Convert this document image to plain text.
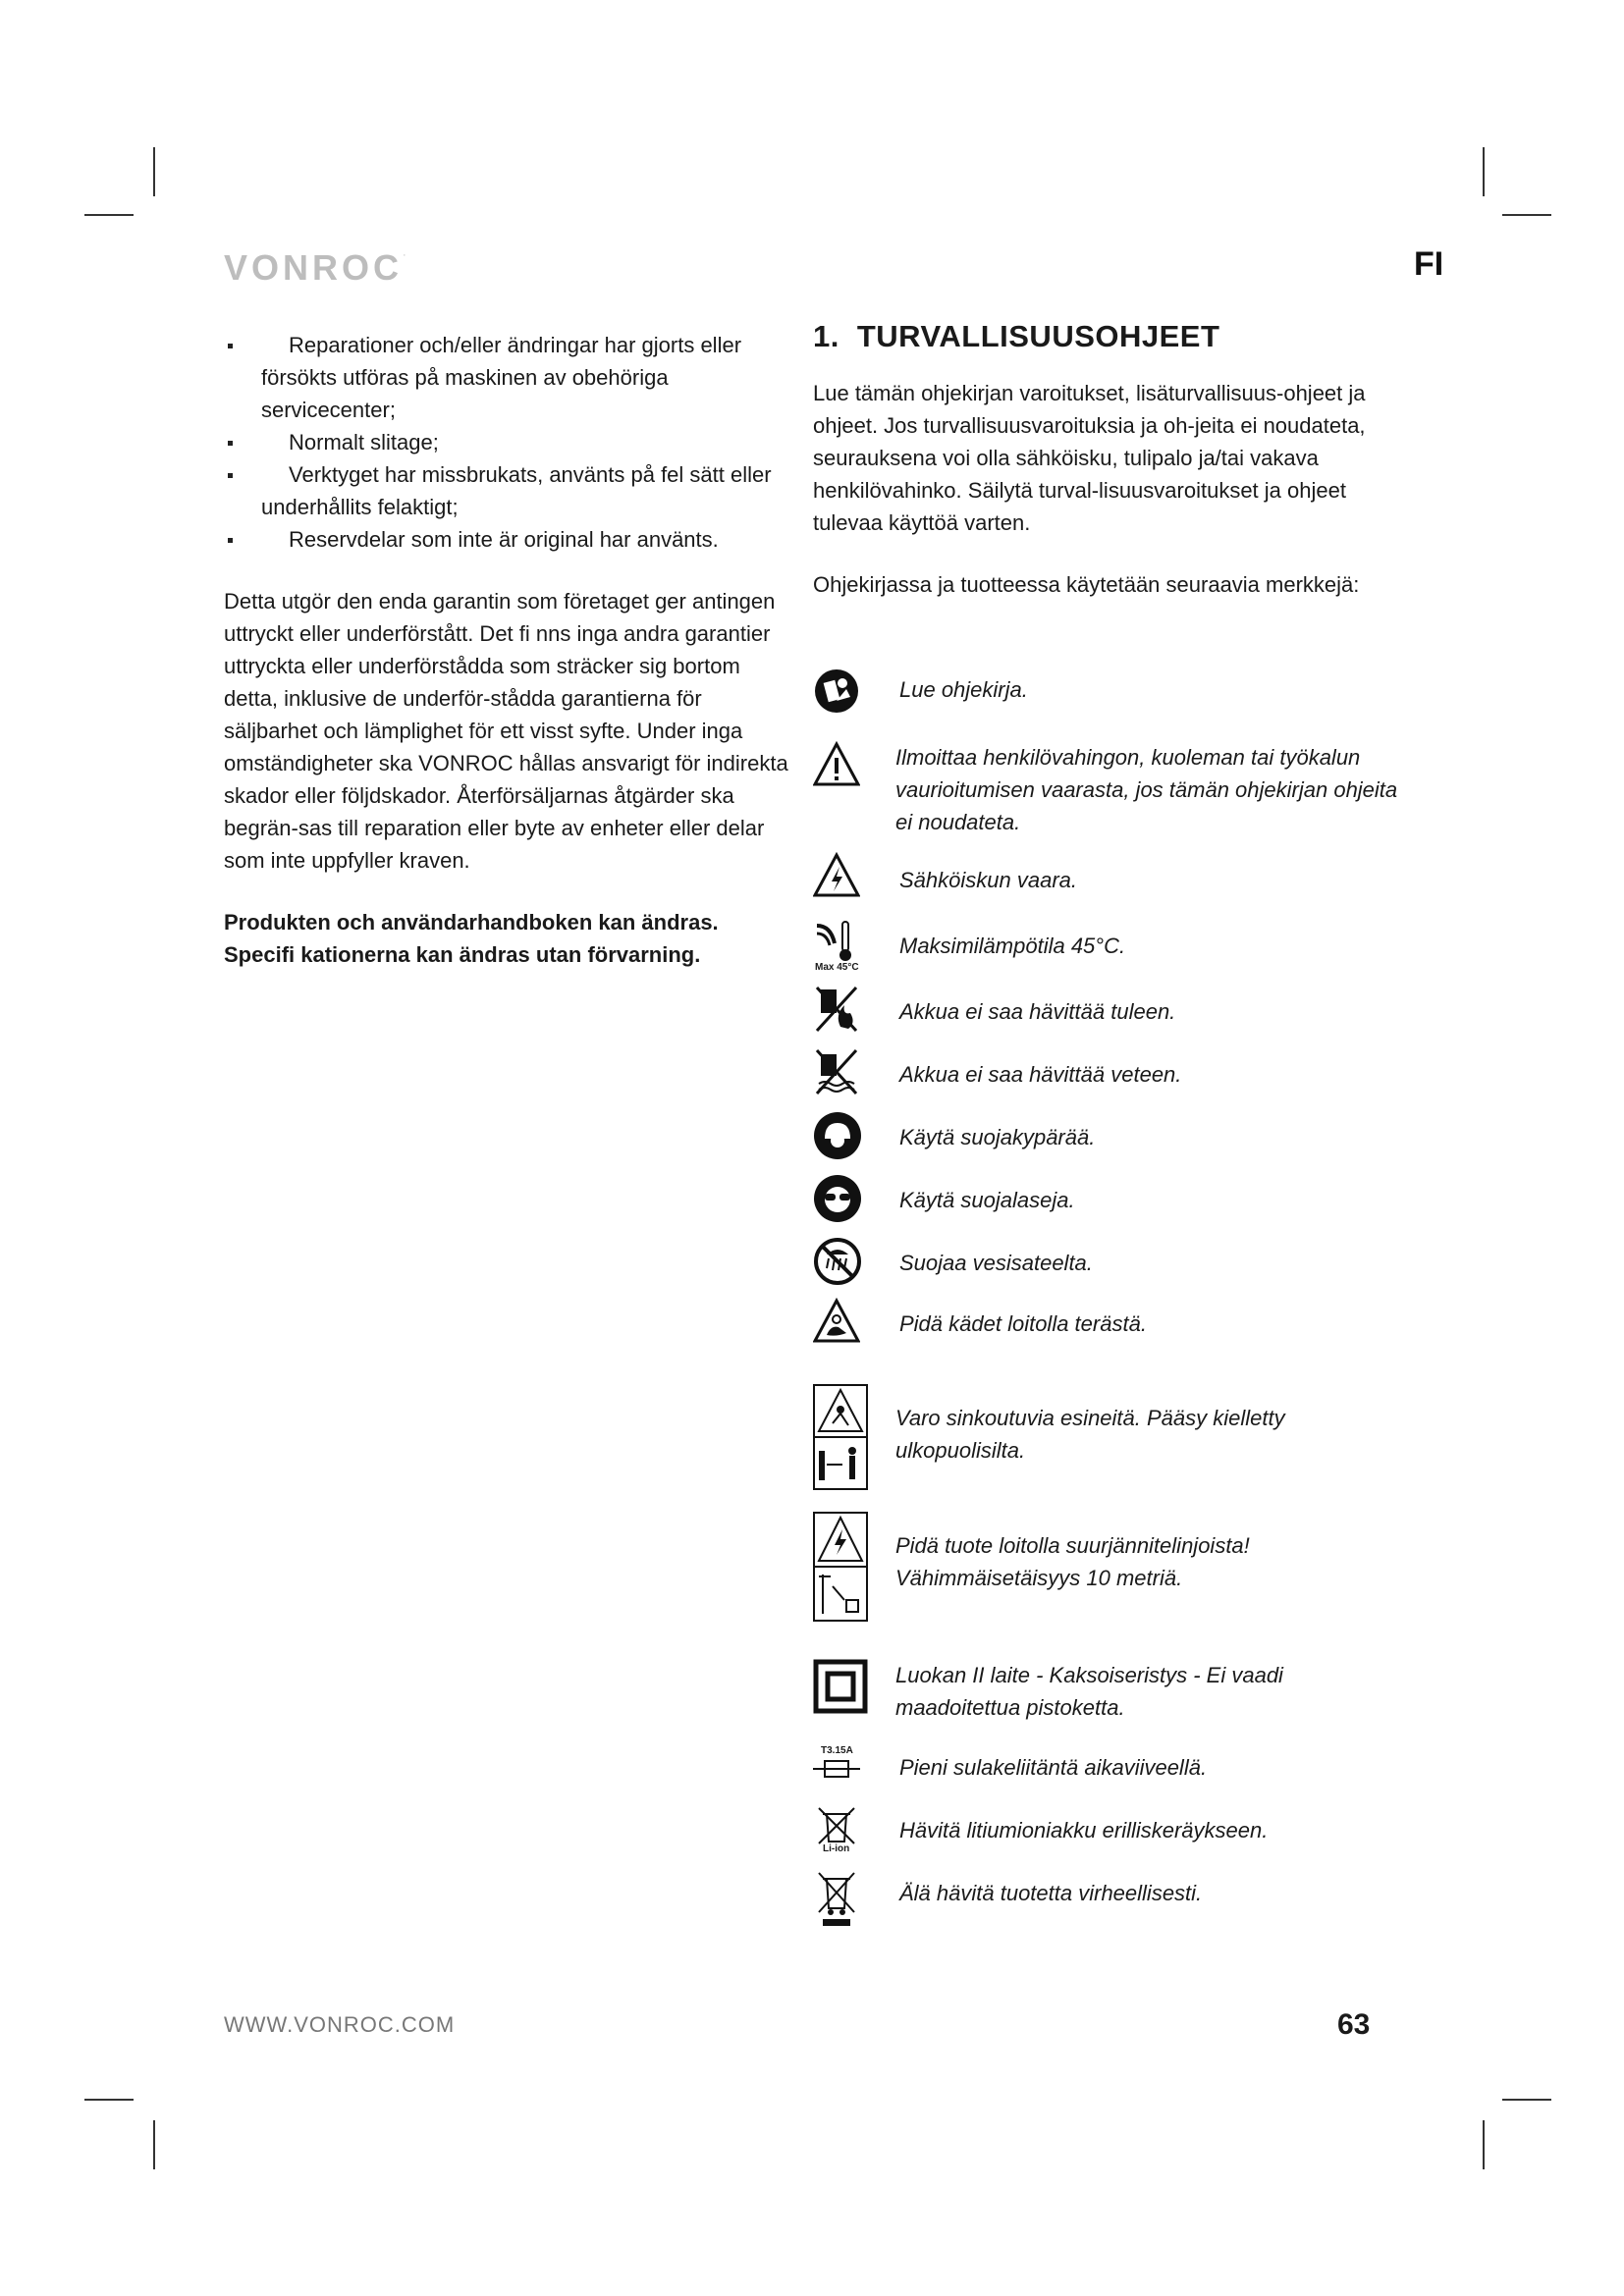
VONROC·	FI
Reparationer och/eller ändringar har gjorts eller försökts utföras på maskinen av obehöriga servicecenter;
Normalt slitage;
Verktyget har missbrukats, använts på fel sätt eller underhållits felaktigt;
Reservdelar som inte är original har använts.

Detta utgör den enda garantin som företaget ger antingen uttryckt eller underförstått. Det fi nns inga andra garantier uttryckta eller underförstådda som sträcker sig bortom detta, inklusive de underför-stådda garantierna för säljbarhet och lämplighet för ett visst syfte. Under inga omständigheter ska VONROC hållas ansvarigt för indirekta skador eller följdskador. Återförsäljarnas åtgärder ska begrän-sas till reparation eller byte av enheter eller delar som inte uppfyller kraven.

Produkten och användarhandboken kan ändras. Specifi kationerna kan ändras utan förvarning.

1. TURVALLISUUSOHJEET

Lue tämän ohjekirjan varoitukset, lisäturvallisuus-ohjeet ja ohjeet. Jos turvallisuusvaroituksia ja oh-jeita ei noudateta, seurauksena voi olla sähköisku, tulipalo ja/tai vakava henkilövahinko. Säilytä turval-lisuusvaroitukset ja ohjeet tulevaa käyttöä varten.

Ohjekirjassa ja tuotteessa käytetään seuraavia merkkejä:

Lue ohjekirja.
Ilmoittaa henkilövahingon, kuoleman tai työkalun vaurioitumisen vaarasta, jos tämän ohjekirjan ohjeita ei noudateta.
Sähköiskun vaara.
Max 45°C
Maksimilämpötila 45°C.
Akkua ei saa hävittää tuleen.
Akkua ei saa hävittää veteen.
Käytä suojakypärää.
Käytä suojalaseja.
Suojaa vesisateelta.
Pidä kädet loitolla terästä.
Varo sinkoutuvia esineitä. Pääsy kielletty ulkopuolisilta.
Pidä tuote loitolla suurjännitelinjoista! Vähimmäisetäisyys 10 metriä.
Luokan II laite - Kaksoiseristys - Ei vaadi maadoitettua pistoketta.
T3.15A
Pieni sulakeliitäntä aikaviiveellä.
Li-ion
Hävitä litiumioniakku erilliskeräykseen.
Älä hävitä tuotetta virheellisesti.
WWW.VONROC.COM	63
